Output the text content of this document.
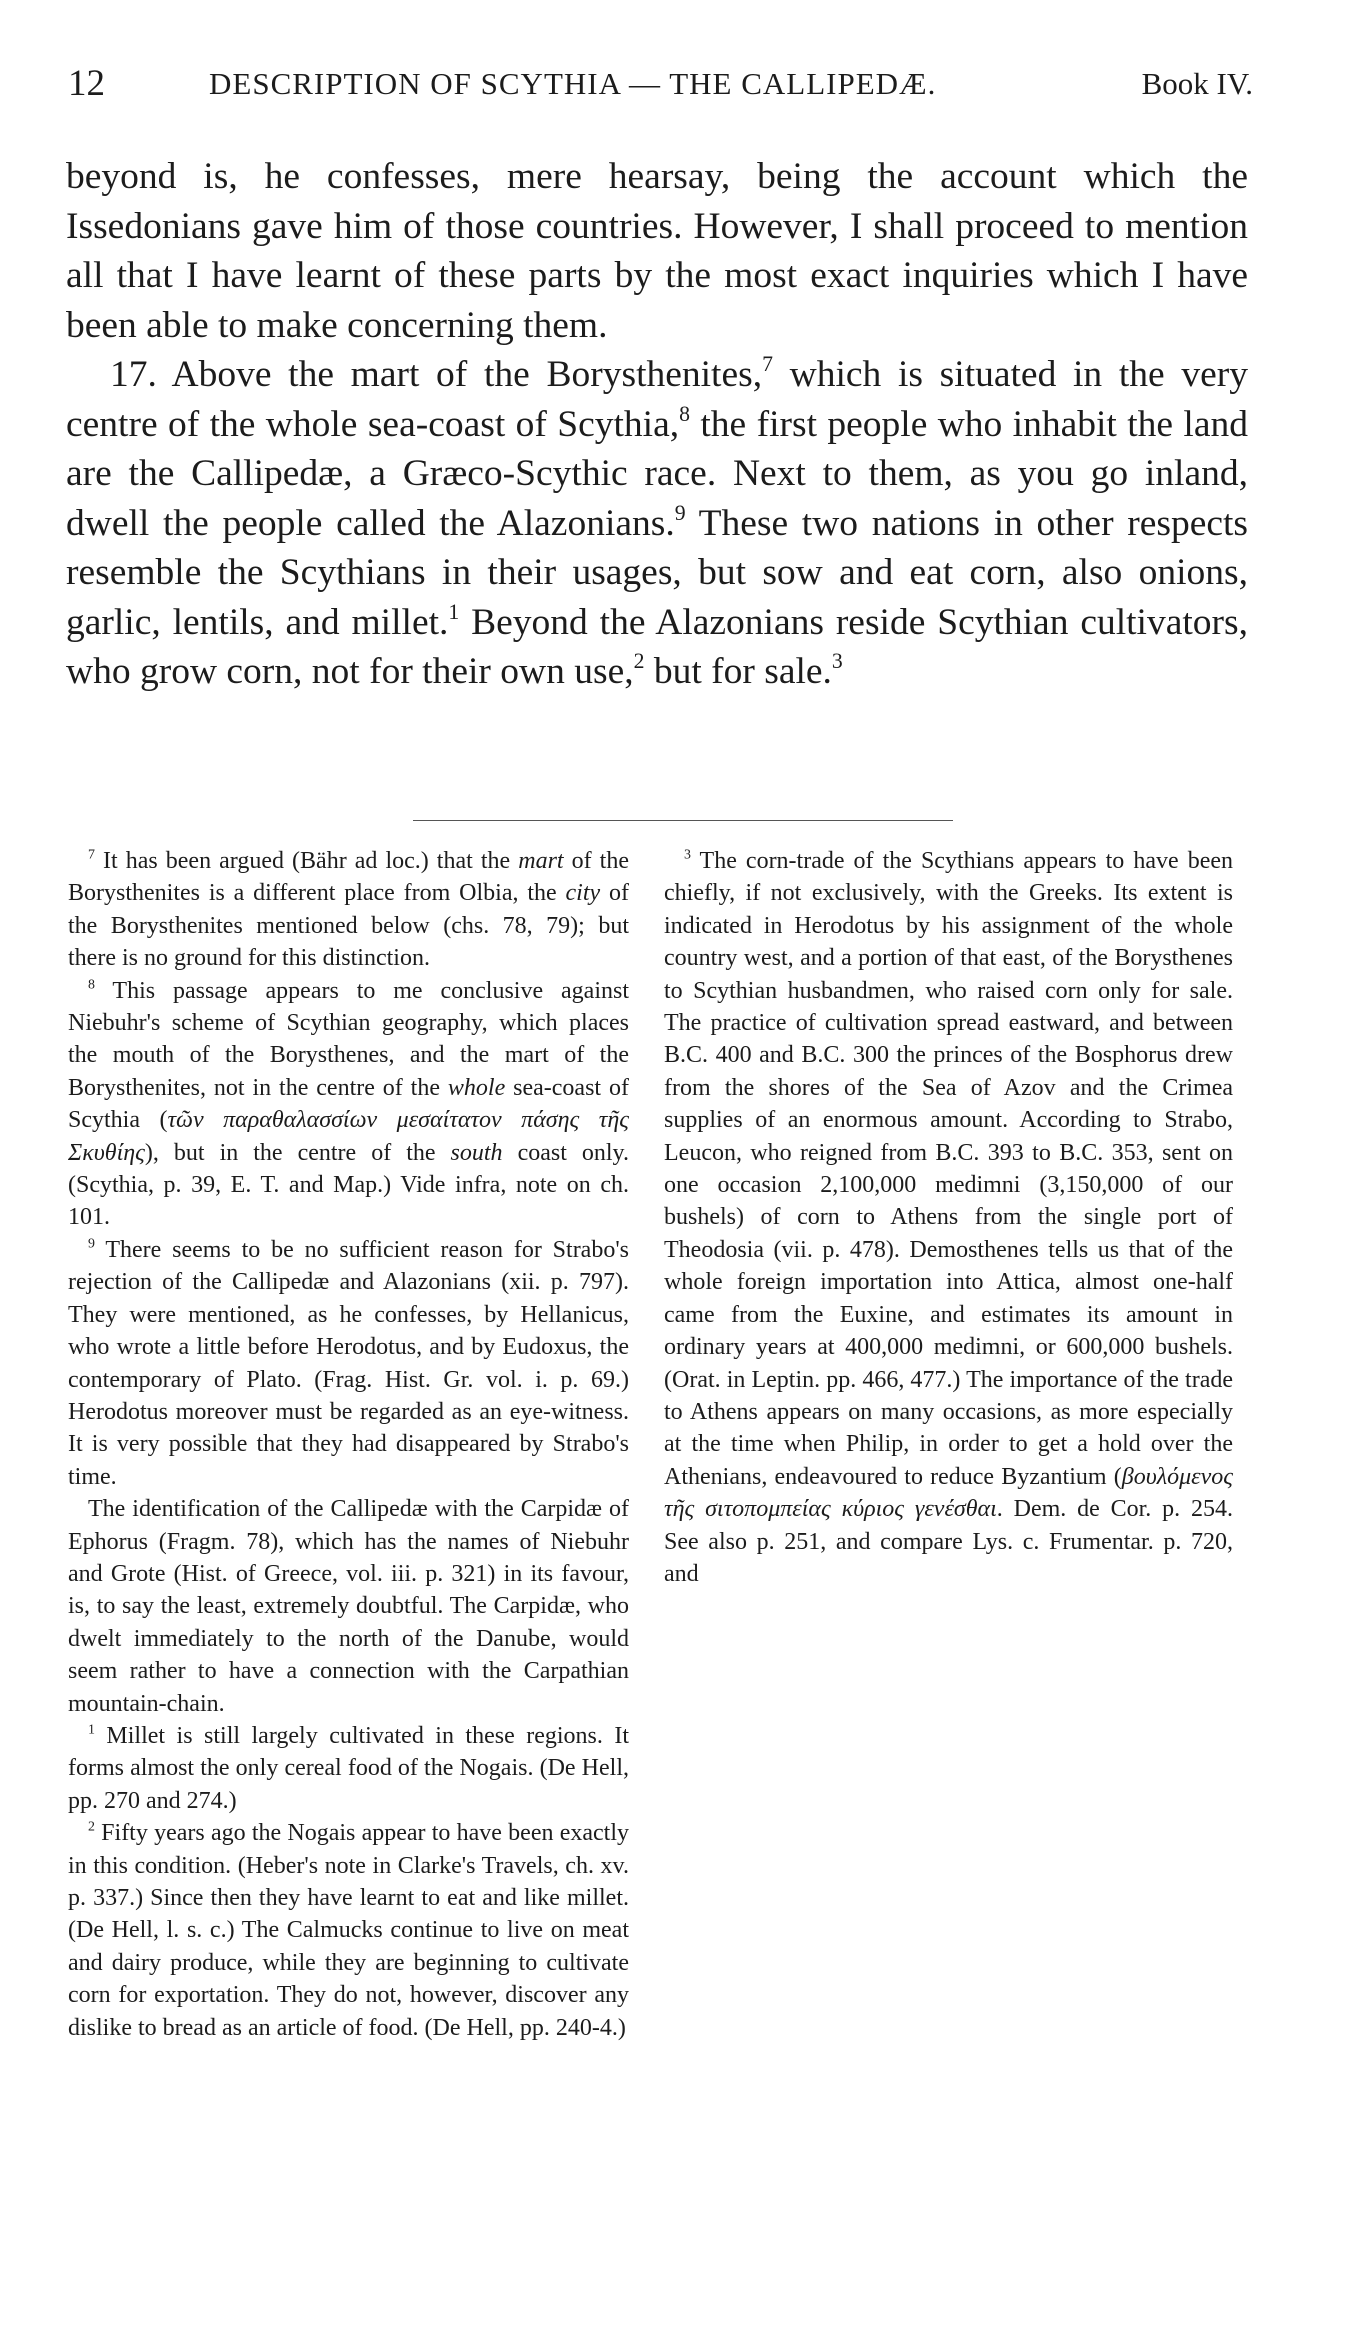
12	DESCRIPTION OF SCYTHIA — THE CALLIPEDÆ.	Book IV.

beyond is, he confesses, mere hearsay, being the account which the Issedonians gave him of those countries. However, I shall proceed to mention all that I have learnt of these parts by the most exact inquiries which I have been able to make concerning them.

17. Above the mart of the Borysthenites,$^7$ which is situated in the very centre of the whole sea-coast of Scythia,$^8$ the first people who inhabit the land are the Callipedæ, a Græco-Scythic race. Next to them, as you go inland, dwell the people called the Alazonians.$^9$ These two nations in other respects resemble the Scythians in their usages, but sow and eat corn, also onions, garlic, lentils, and millet.$^1$ Beyond the Alazonians reside Scythian cultivators, who grow corn, not for their own use,$^2$ but for sale.$^3$

$^7$ It has been argued (Bähr ad loc.) that the mart of the Borysthenites is a different place from Olbia, the city of the Borysthenites mentioned below (chs. 78, 79); but there is no ground for this distinction.

$^8$ This passage appears to me conclusive against Niebuhr's scheme of Scythian geography, which places the mouth of the Borysthenes, and the mart of the Borysthenites, not in the centre of the whole sea-coast of Scythia (τῶν παραθαλασσίων μεσαίτατον πάσης τῆς Σκυθίης), but in the centre of the south coast only. (Scythia, p. 39, E. T. and Map.) Vide infra, note on ch. 101.

$^9$ There seems to be no sufficient reason for Strabo's rejection of the Callipedæ and Alazonians (xii. p. 797). They were mentioned, as he confesses, by Hellanicus, who wrote a little before Herodotus, and by Eudoxus, the contemporary of Plato. (Frag. Hist. Gr. vol. i. p. 69.) Herodotus moreover must be regarded as an eye-witness. It is very possible that they had disappeared by Strabo's time.

The identification of the Callipedæ with the Carpidæ of Ephorus (Fragm. 78), which has the names of Niebuhr and Grote (Hist. of Greece, vol. iii. p. 321) in its favour, is, to say the least, extremely doubtful. The Carpidæ, who dwelt immediately to the north of the Danube, would seem rather to have a connection with the Carpathian mountain-chain.

$^1$ Millet is still largely cultivated in these regions. It forms almost the only cereal food of the Nogais. (De Hell, pp. 270 and 274.)

$^2$ Fifty years ago the Nogais appear to have been exactly in this condition. (Heber's note in Clarke's Travels, ch. xv. p. 337.) Since then they have learnt to eat and like millet. (De Hell, l. s. c.) The Calmucks continue to live on meat and dairy produce, while they are beginning to cultivate corn for exportation. They do not, however, discover any dislike to bread as an article of food. (De Hell, pp. 240-4.)

$^3$ The corn-trade of the Scythians appears to have been chiefly, if not exclusively, with the Greeks. Its extent is indicated in Herodotus by his assignment of the whole country west, and a portion of that east, of the Borysthenes to Scythian husbandmen, who raised corn only for sale. The practice of cultivation spread eastward, and between B.C. 400 and B.C. 300 the princes of the Bosphorus drew from the shores of the Sea of Azov and the Crimea supplies of an enormous amount. According to Strabo, Leucon, who reigned from B.C. 393 to B.C. 353, sent on one occasion 2,100,000 medimni (3,150,000 of our bushels) of corn to Athens from the single port of Theodosia (vii. p. 478). Demosthenes tells us that of the whole foreign importation into Attica, almost one-half came from the Euxine, and estimates its amount in ordinary years at 400,000 medimni, or 600,000 bushels. (Orat. in Leptin. pp. 466, 477.) The importance of the trade to Athens appears on many occasions, as more especially at the time when Philip, in order to get a hold over the Athenians, endeavoured to reduce Byzantium (βουλόμενος τῆς σιτοπομπείας κύριος γενέσθαι. Dem. de Cor. p. 254. See also p. 251, and compare Lys. c. Frumentar. p. 720, and
